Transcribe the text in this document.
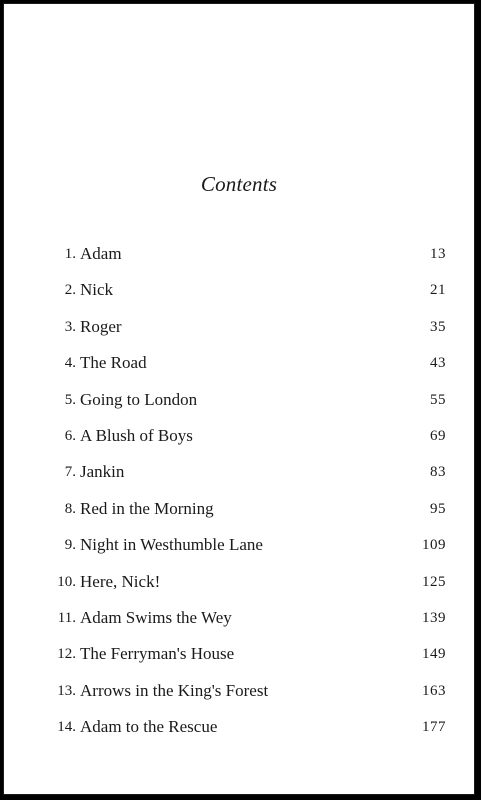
Contents
1. Adam	13
2. Nick	21
3. Roger	35
4. The Road	43
5. Going to London	55
6. A Blush of Boys	69
7. Jankin	83
8. Red in the Morning	95
9. Night in Westhumble Lane	109
10. Here, Nick!	125
11. Adam Swims the Wey	139
12. The Ferryman's House	149
13. Arrows in the King's Forest	163
14. Adam to the Rescue	177
